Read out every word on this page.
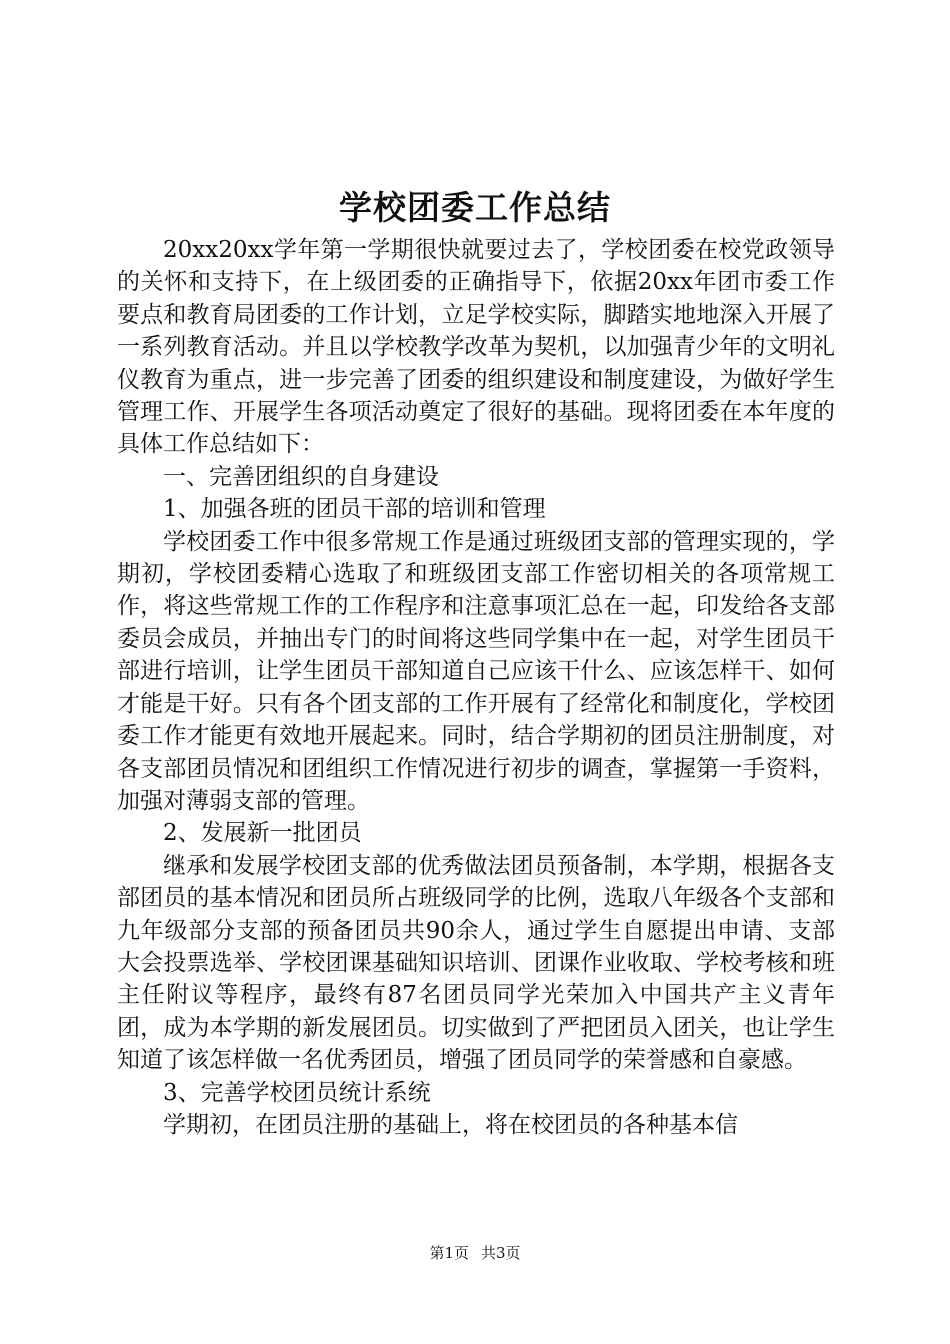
学校团委工作总结

20xx20xx学年第一学期很快就要过去了，学校团委在校党政领导的关怀和支持下，在上级团委的正确指导下，依据20xx年团市委工作要点和教育局团委的工作计划，立足学校实际，脚踏实地地深入开展了一系列教育活动。并且以学校教学改革为契机，以加强青少年的文明礼仪教育为重点，进一步完善了团委的组织建设和制度建设，为做好学生管理工作、开展学生各项活动奠定了很好的基础。现将团委在本年度的具体工作总结如下：

一、完善团组织的自身建设

1、加强各班的团员干部的培训和管理

学校团委工作中很多常规工作是通过班级团支部的管理实现的，学期初，学校团委精心选取了和班级团支部工作密切相关的各项常规工作，将这些常规工作的工作程序和注意事项汇总在一起，印发给各支部委员会成员，并抽出专门的时间将这些同学集中在一起，对学生团员干部进行培训，让学生团员干部知道自己应该干什么、应该怎样干、如何才能是干好。只有各个团支部的工作开展有了经常化和制度化，学校团委工作才能更有效地开展起来。同时，结合学期初的团员注册制度，对各支部团员情况和团组织工作情况进行初步的调查，掌握第一手资料，加强对薄弱支部的管理。

2、发展新一批团员

继承和发展学校团支部的优秀做法团员预备制，本学期，根据各支部团员的基本情况和团员所占班级同学的比例，选取八年级各个支部和九年级部分支部的预备团员共90余人，通过学生自愿提出申请、支部大会投票选举、学校团课基础知识培训、团课作业收取、学校考核和班主任附议等程序，最终有87名团员同学光荣加入中国共产主义青年团，成为本学期的新发展团员。切实做到了严把团员入团关，也让学生知道了该怎样做一名优秀团员，增强了团员同学的荣誉感和自豪感。

3、完善学校团员统计系统

学期初，在团员注册的基础上，将在校团员的各种基本信

第1页 共3页
